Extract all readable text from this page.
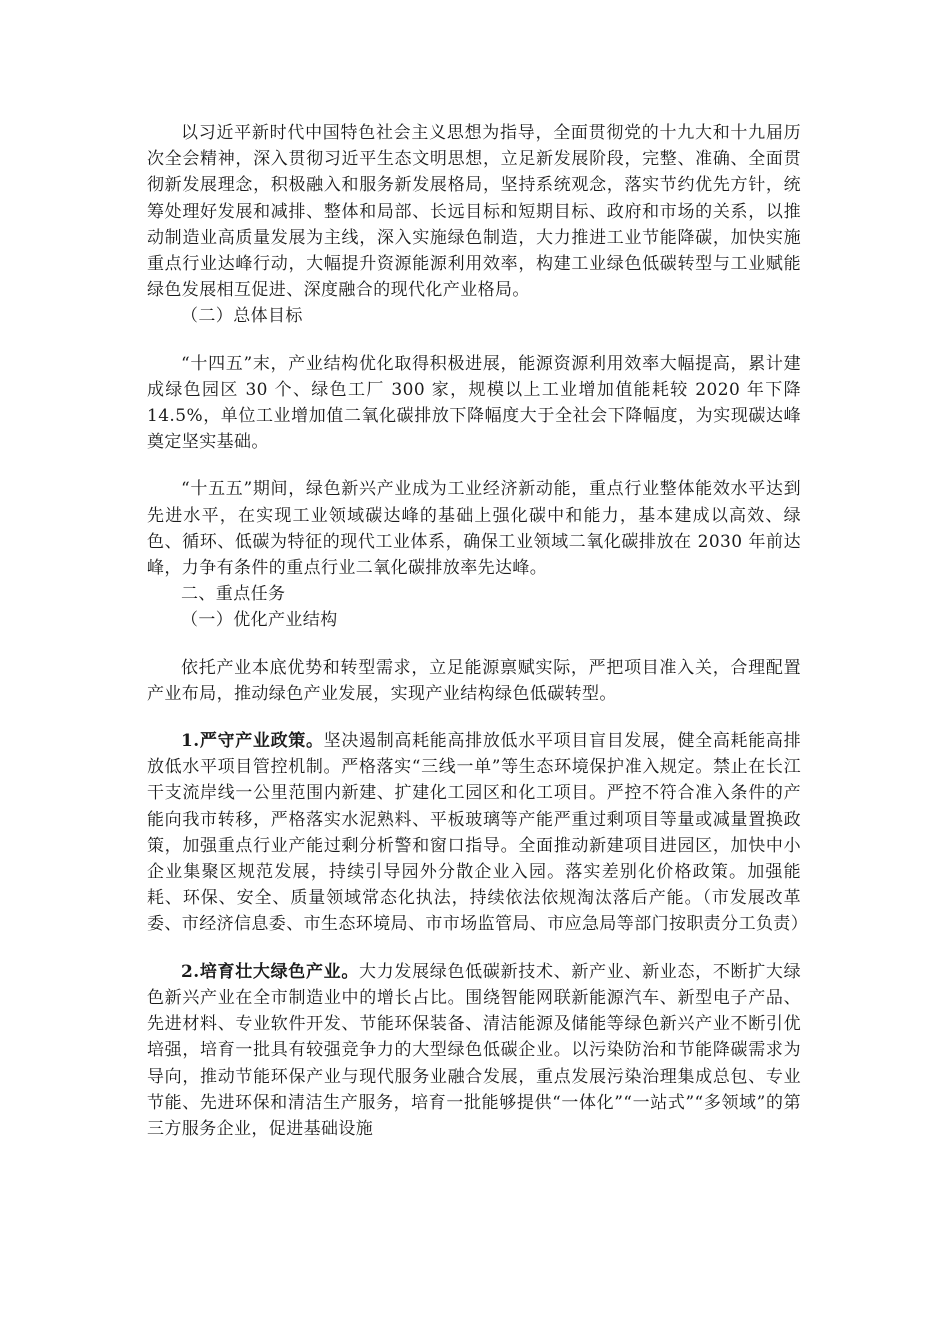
以习近平新时代中国特色社会主义思想为指导，全面贯彻党的十九大和十九届历次全会精神，深入贯彻习近平生态文明思想，立足新发展阶段，完整、准确、全面贯彻新发展理念，积极融入和服务新发展格局，坚持系统观念，落实节约优先方针，统筹处理好发展和减排、整体和局部、长远目标和短期目标、政府和市场的关系，以推动制造业高质量发展为主线，深入实施绿色制造，大力推进工业节能降碳，加快实施重点行业达峰行动，大幅提升资源能源利用效率，构建工业绿色低碳转型与工业赋能绿色发展相互促进、深度融合的现代化产业格局。

（二）总体目标

“十四五”末，产业结构优化取得积极进展，能源资源利用效率大幅提高，累计建成绿色园区 30 个、绿色工厂 300 家，规模以上工业增加值能耗较 2020 年下降 14.5%，单位工业增加值二氧化碳排放下降幅度大于全社会下降幅度，为实现碳达峰奠定坚实基础。

“十五五”期间，绿色新兴产业成为工业经济新动能，重点行业整体能效水平达到先进水平，在实现工业领域碳达峰的基础上强化碳中和能力，基本建成以高效、绿色、循环、低碳为特征的现代工业体系，确保工业领域二氧化碳排放在 2030 年前达峰，力争有条件的重点行业二氧化碳排放率先达峰。

二、重点任务

（一）优化产业结构

依托产业本底优势和转型需求，立足能源禀赋实际，严把项目准入关，合理配置产业布局，推动绿色产业发展，实现产业结构绿色低碳转型。

1.严守产业政策。坚决遏制高耗能高排放低水平项目盲目发展，健全高耗能高排放低水平项目管控机制。严格落实“三线一单”等生态环境保护准入规定。禁止在长江干支流岸线一公里范围内新建、扩建化工园区和化工项目。严控不符合准入条件的产能向我市转移，严格落实水泥熟料、平板玻璃等产能严重过剩项目等量或减量置换政策，加强重点行业产能过剩分析警和窗口指导。全面推动新建项目进园区，加快中小企业集聚区规范发展，持续引导园外分散企业入园。落实差别化价格政策。加强能耗、环保、安全、质量领域常态化执法，持续依法依规淘汰落后产能。（市发展改革委、市经济信息委、市生态环境局、市市场监管局、市应急局等部门按职责分工负责）

2.培育壮大绿色产业。大力发展绿色低碳新技术、新产业、新业态，不断扩大绿色新兴产业在全市制造业中的增长占比。围绕智能网联新能源汽车、新型电子产品、先进材料、专业软件开发、节能环保装备、清洁能源及储能等绿色新兴产业不断引优培强，培育一批具有较强竞争力的大型绿色低碳企业。以污染防治和节能降碳需求为导向，推动节能环保产业与现代服务业融合发展，重点发展污染治理集成总包、专业节能、先进环保和清洁生产服务，培育一批能够提供“一体化”“一站式”“多领域”的第三方服务企业，促进基础设施
